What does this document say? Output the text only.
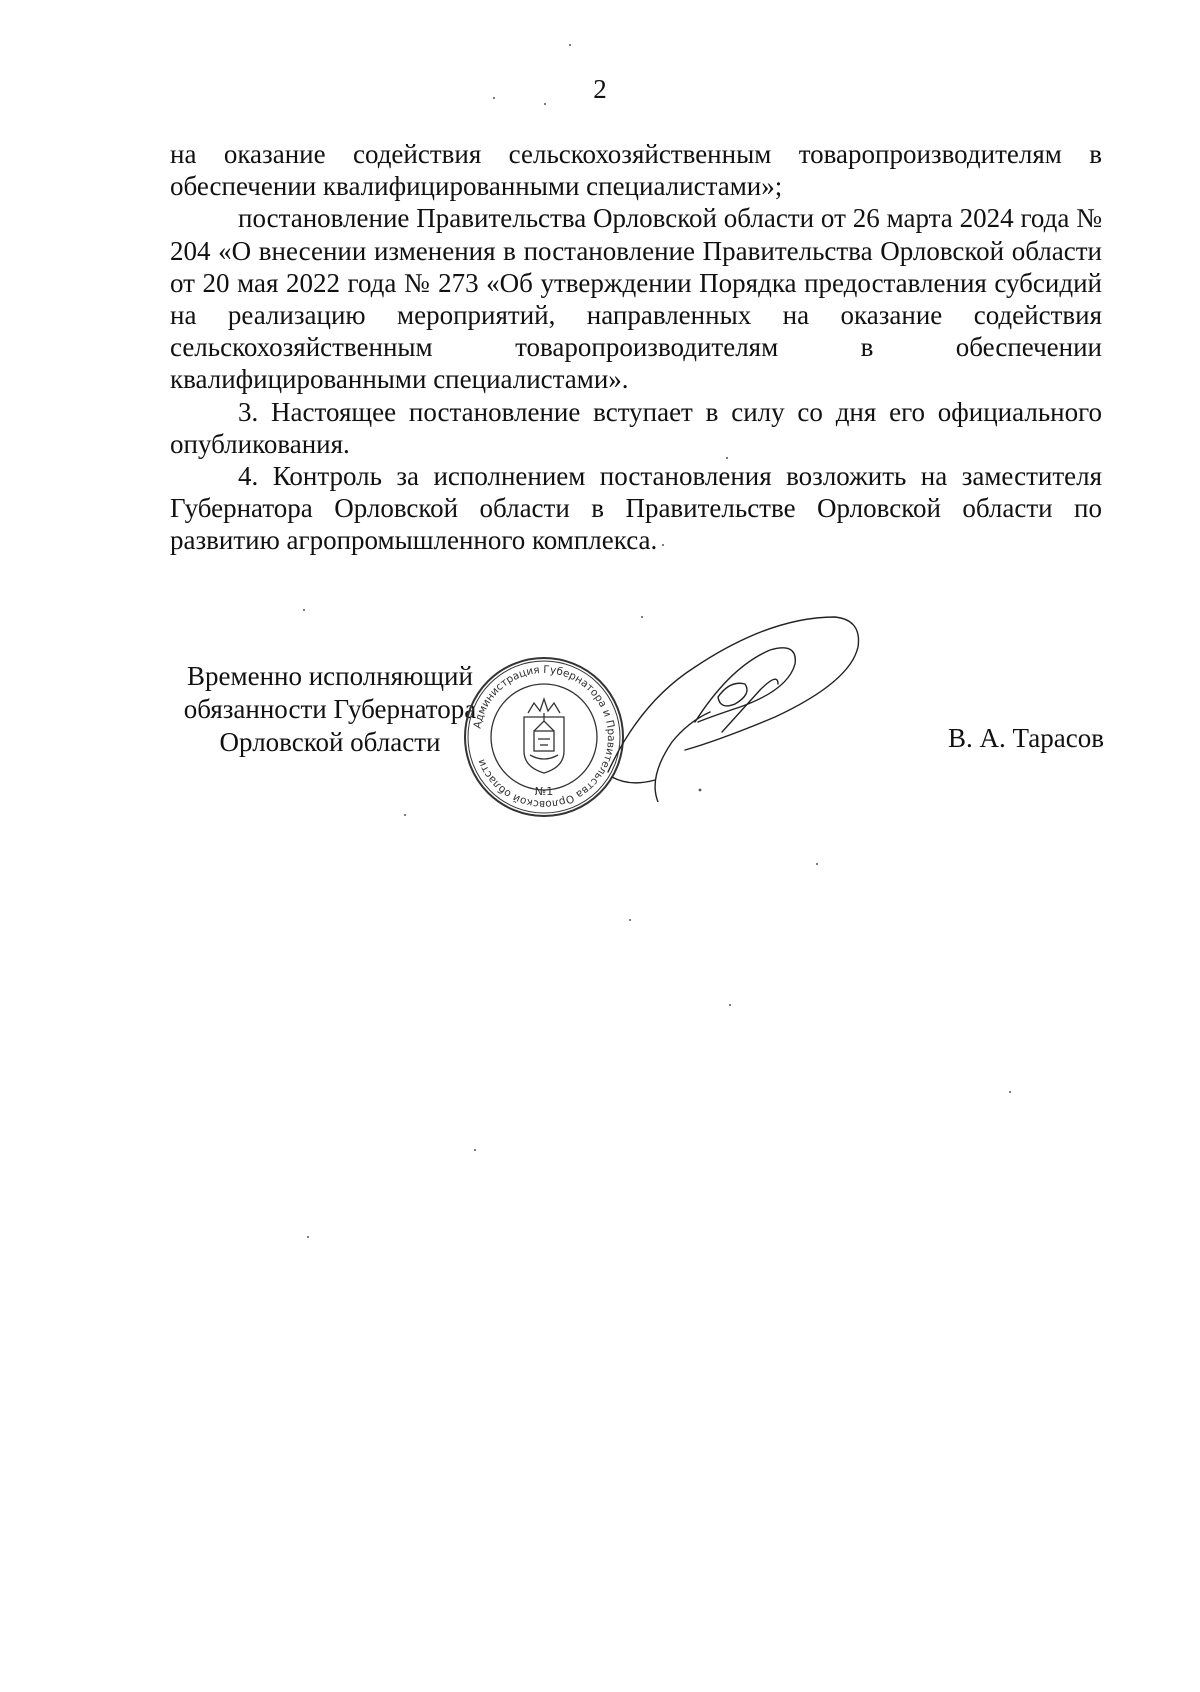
2

на оказание содействия сельскохозяйственным товаропроизводителям в обеспечении квалифицированными специалистами»;

постановление Правительства Орловской области от 26 марта 2024 года № 204 «О внесении изменения в постановление Правительства Орловской области от 20 мая 2022 года № 273 «Об утверждении Порядка предоставления субсидий на реализацию мероприятий, направленных на оказание содействия сельскохозяйственным товаропроизводителям в обеспечении квалифицированными специалистами».

3. Настоящее постановление вступает в силу со дня его официального опубликования.

4. Контроль за исполнением постановления возложить на заместителя Губернатора Орловской области в Правительстве Орловской области по развитию агропромышленного комплекса.

Временно исполняющий
обязанности Губернатора
Орловской области
Администрация Губернатора и Правительства Орловской области
№1
В. А. Тарасов
